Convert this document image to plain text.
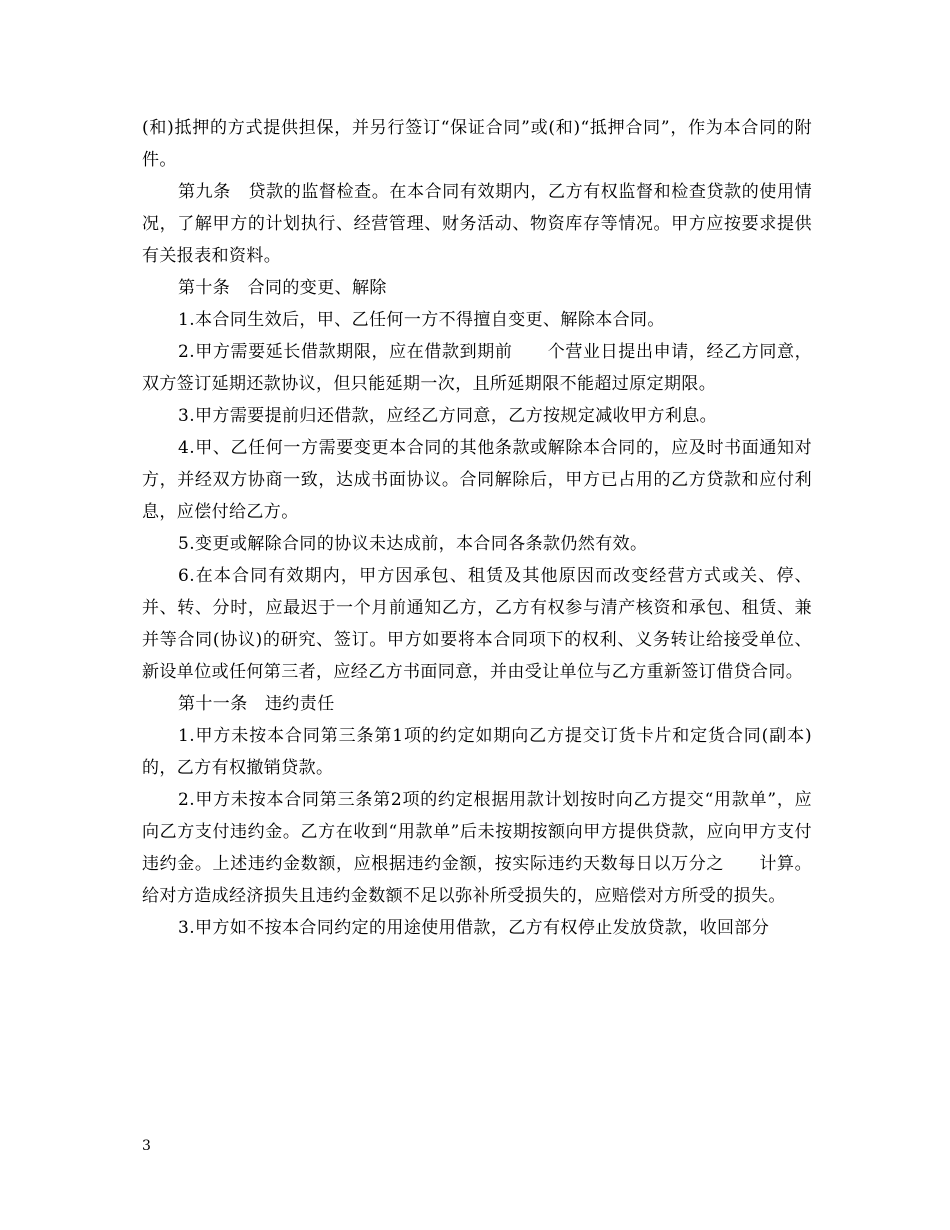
(和)抵押的方式提供担保，并另行签订“保证合同”或(和)“抵押合同”，作为本合同的附件。

第九条　贷款的监督检查。在本合同有效期内，乙方有权监督和检查贷款的使用情况，了解甲方的计划执行、经营管理、财务活动、物资库存等情况。甲方应按要求提供有关报表和资料。

第十条　合同的变更、解除

1.本合同生效后，甲、乙任何一方不得擅自变更、解除本合同。

2.甲方需要延长借款期限，应在借款到期前　　个营业日提出申请，经乙方同意，双方签订延期还款协议，但只能延期一次，且所延期限不能超过原定期限。

3.甲方需要提前归还借款，应经乙方同意，乙方按规定减收甲方利息。

4.甲、乙任何一方需要变更本合同的其他条款或解除本合同的，应及时书面通知对方，并经双方协商一致，达成书面协议。合同解除后，甲方已占用的乙方贷款和应付利息，应偿付给乙方。

5.变更或解除合同的协议未达成前，本合同各条款仍然有效。

6.在本合同有效期内，甲方因承包、租赁及其他原因而改变经营方式或关、停、并、转、分时，应最迟于一个月前通知乙方，乙方有权参与清产核资和承包、租赁、兼并等合同(协议)的研究、签订。甲方如要将本合同项下的权利、义务转让给接受单位、新设单位或任何第三者，应经乙方书面同意，并由受让单位与乙方重新签订借贷合同。

第十一条　违约责任

1.甲方未按本合同第三条第1项的约定如期向乙方提交订货卡片和定货合同(副本)的，乙方有权撤销贷款。

2.甲方未按本合同第三条第2项的约定根据用款计划按时向乙方提交“用款单”，应向乙方支付违约金。乙方在收到“用款单”后未按期按额向甲方提供贷款，应向甲方支付违约金。上述违约金数额，应根据违约金额，按实际违约天数每日以万分之　　计算。给对方造成经济损失且违约金数额不足以弥补所受损失的，应赔偿对方所受的损失。

3.甲方如不按本合同约定的用途使用借款，乙方有权停止发放贷款，收回部分

3
